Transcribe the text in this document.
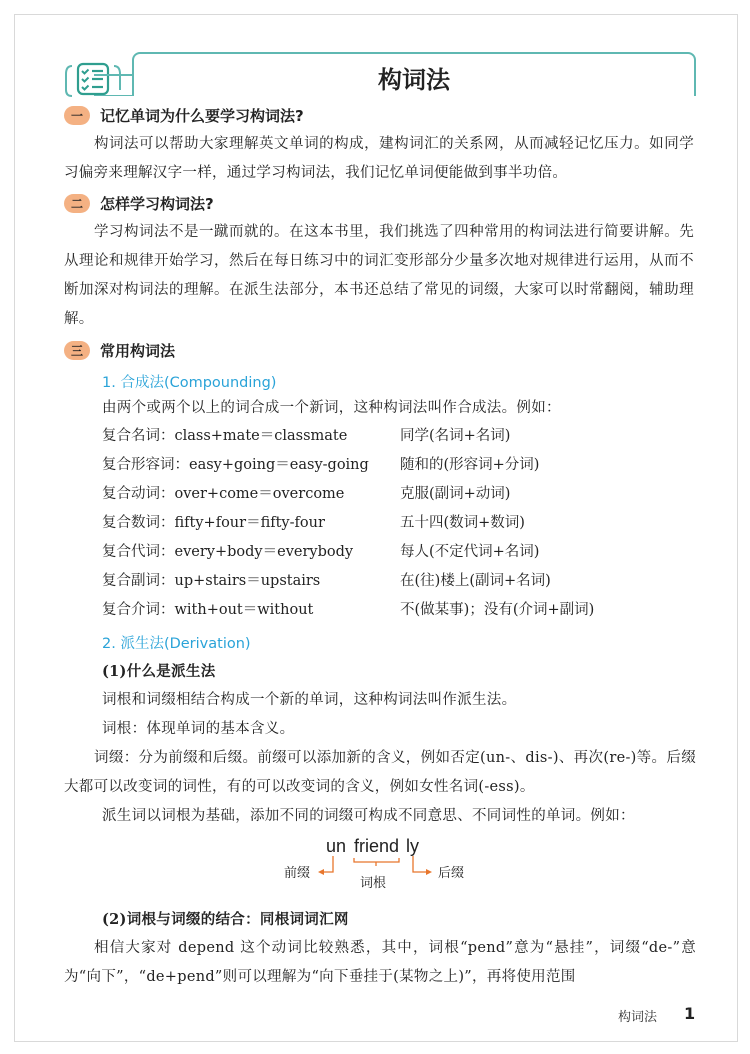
构词法
一	记忆单词为什么要学习构词法?
构词法可以帮助大家理解英文单词的构成，建构词汇的关系网，从而减轻记忆压力。如同学习偏旁来理解汉字一样，通过学习构词法，我们记忆单词便能做到事半功倍。
二	怎样学习构词法?
学习构词法不是一蹴而就的。在这本书里，我们挑选了四种常用的构词法进行简要讲解。先从理论和规律开始学习，然后在每日练习中的词汇变形部分少量多次地对规律进行运用，从而不断加深对构词法的理解。在派生法部分，本书还总结了常见的词缀，大家可以时常翻阅，辅助理解。
三	常用构词法
1. 合成法(Compounding)
由两个或两个以上的词合成一个新词，这种构词法叫作合成法。例如：
复合名词：class+mate＝classmate	同学(名词+名词)
复合形容词：easy+going＝easy-going 随和的(形容词+分词)
复合动词：over+come＝overcome	克服(副词+动词)
复合数词：fifty+four＝fifty-four	五十四(数词+数词)
复合代词：every+body＝everybody	每人(不定代词+名词)
复合副词：up+stairs＝upstairs	在(往)楼上(副词+名词)
复合介词：with+out＝without	不(做某事)；没有(介词+副词)
2. 派生法(Derivation)
(1)什么是派生法
词根和词缀相结合构成一个新的单词，这种构词法叫作派生法。
词根：体现单词的基本含义。
词缀：分为前缀和后缀。前缀可以添加新的含义，例如否定(un-、dis-)、再次(re-)等。后缀大都可以改变词的词性，有的可以改变词的含义，例如女性名词(-ess)。
派生词以词根为基础，添加不同的词缀可构成不同意思、不同词性的单词。例如：
un friend ly
前缀
词根
后缀
(2)词根与词缀的结合：同根词词汇网
相信大家对 depend 这个动词比较熟悉，其中，词根“pend”意为“悬挂”，词缀“de-”意为“向下”，“de+pend”则可以理解为“向下垂挂于(某物之上)”，再将使用范围
构词法 1
